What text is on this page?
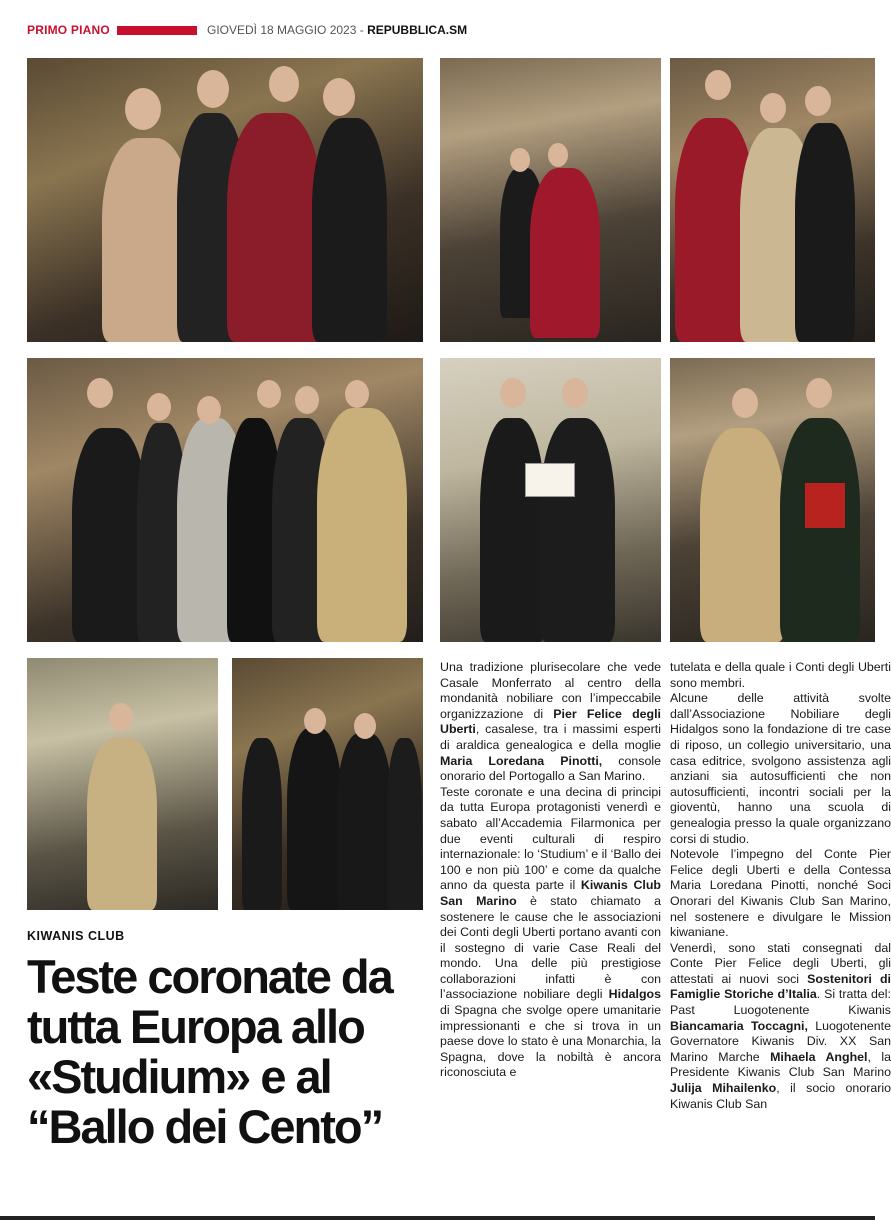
PRIMO PIANO	GIOVEDÌ 18 MAGGIO 2023 - REPUBBLICA.SM
KIWANIS CLUB
Teste coronate da tutta Europa allo «Studium» e al “Ballo dei Cento”

Una tradizione plurisecolare che vede Casale Monferrato al centro della mondanità nobiliare con l’impeccabile organizzazione di Pier Felice degli Uberti, casalese, tra i massimi esperti di araldica genealogica e della moglie Maria Loredana Pinotti, console onorario del Portogallo a San Marino.

Teste coronate e una decina di principi da tutta Europa protagonisti venerdì e sabato all’Accademia Filarmonica per due eventi culturali di respiro internazionale: lo ‘Studium’ e il ‘Ballo dei 100 e non più 100’ e come da qualche anno da questa parte il Kiwanis Club San Marino è stato chiamato a sostenere le cause che le associazioni dei Conti degli Uberti portano avanti con il sostegno di varie Case Reali del mondo. Una delle più prestigiose collaborazioni infatti è con l’associazione nobiliare degli Hidalgos di Spagna che svolge opere umanitarie impressionanti e che si trova in un paese dove lo stato è una Monarchia, la Spagna, dove la nobiltà è ancora riconosciuta e

tutelata e della quale i Conti degli Uberti sono membri.

Alcune delle attività svolte dall’Associazione Nobiliare degli Hidalgos sono la fondazione di tre case di riposo, un collegio universitario, una casa editrice, svolgono assistenza agli anziani sia autosufficienti che non autosufficienti, incontri sociali per la gioventù, hanno una scuola di genealogia presso la quale organizzano corsi di studio.

Notevole l’impegno del Conte Pier Felice degli Uberti e della Contessa Maria Loredana Pinotti, nonché Soci Onorari del Kiwanis Club San Marino, nel sostenere e divulgare le Mission kiwaniane.

Venerdì, sono stati consegnati dal Conte Pier Felice degli Uberti, gli attestati ai nuovi soci Sostenitori di Famiglie Storiche d’Italia. Si tratta del: Past Luogotenente Kiwanis Biancamaria Toccagni, Luogotenente Governatore Kiwanis Div. XX San Marino Marche Mihaela Anghel, la Presidente Kiwanis Club San Marino Julija Mihailenko, il socio onorario Kiwanis Club San
